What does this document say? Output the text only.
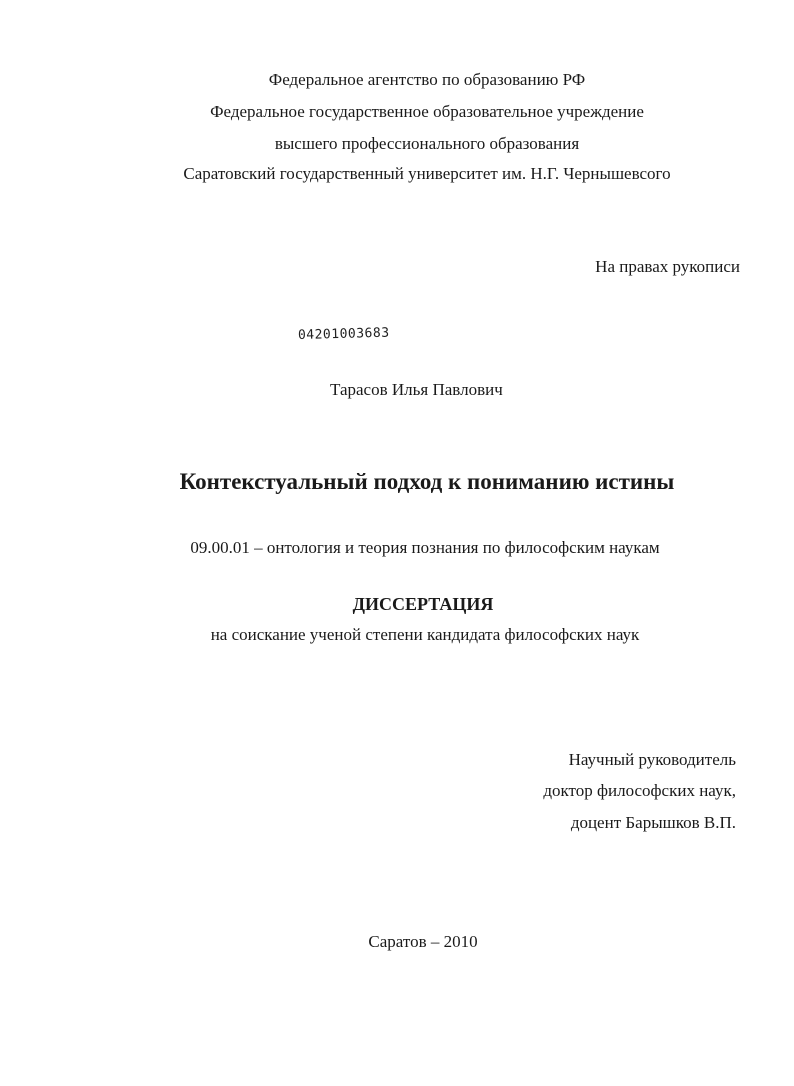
Федеральное агентство по образованию РФ
Федеральное государственное образовательное учреждение
высшего профессионального образования
Саратовский государственный университет им. Н.Г. Чернышевсого
На правах рукописи
04201003683
Тарасов Илья Павлович
Контекстуальный подход к пониманию истины
09.00.01 – онтология и теория познания по философским наукам
ДИССЕРТАЦИЯ
на соискание ученой степени кандидата философских наук
Научный руководитель
доктор философских наук,
доцент Барышков В.П.
Саратов – 2010
